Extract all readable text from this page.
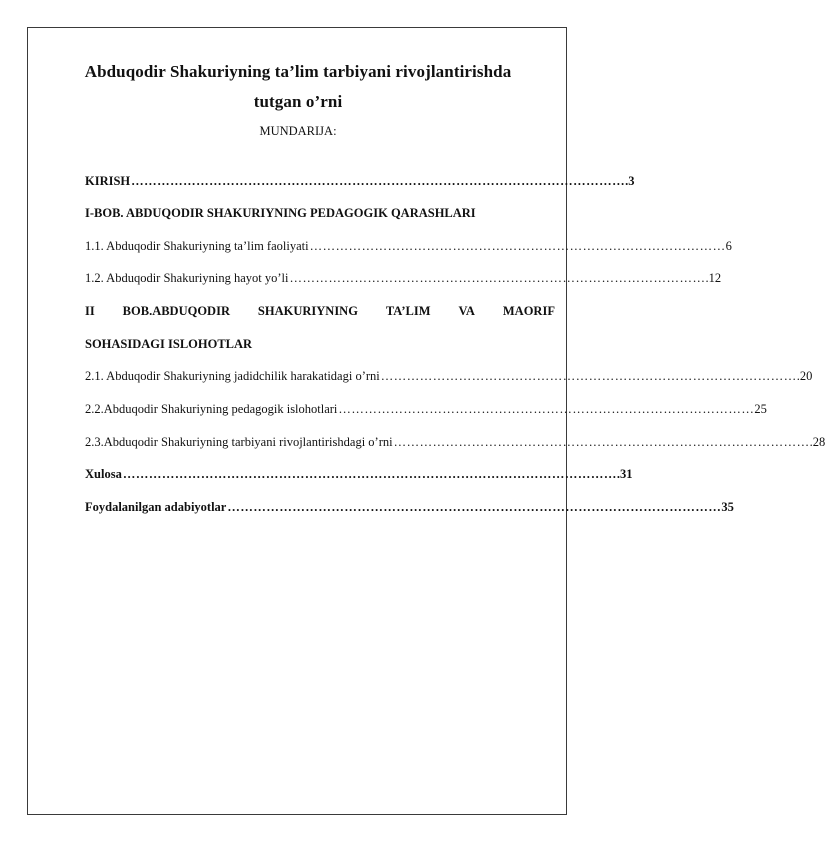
Abduqodir Shakuriyning ta’lim tarbiyani rivojlantirishda
tutgan o’rni
MUNDARIJA:
KIRISH …………………………………………………………………………………………………… .3
I-BOB. ABDUQODIR SHAKURIYNING PEDAGOGIK QARASHLARI
1.1. Abduqodir Shakuriyning ta’lim faoliyati …………………………………………………………………………………… 6
1.2. Abduqodir Shakuriyning hayot yo’li …………………………………………………………………………………… .12
II BOB.ABDUQODIR SHAKURIYNING TA’LIM VA MAORIF
SOHASIDAGI ISLOHOTLAR
2.1. Abduqodir Shakuriyning jadidchilik harakatidagi o’rni …………………………………………………………………………………… .20
2.2.Abduqodir Shakuriyning pedagogik islohotlari …………………………………………………………………………………… 25
2.3.Abduqodir Shakuriyning tarbiyani rivojlantirishdagi o’rni …………………………………………………………………………………… .28
Xulosa …………………………………………………………………………………………………… .31
Foydalanilgan adabiyotlar …………………………………………………………………………………………………… 35
